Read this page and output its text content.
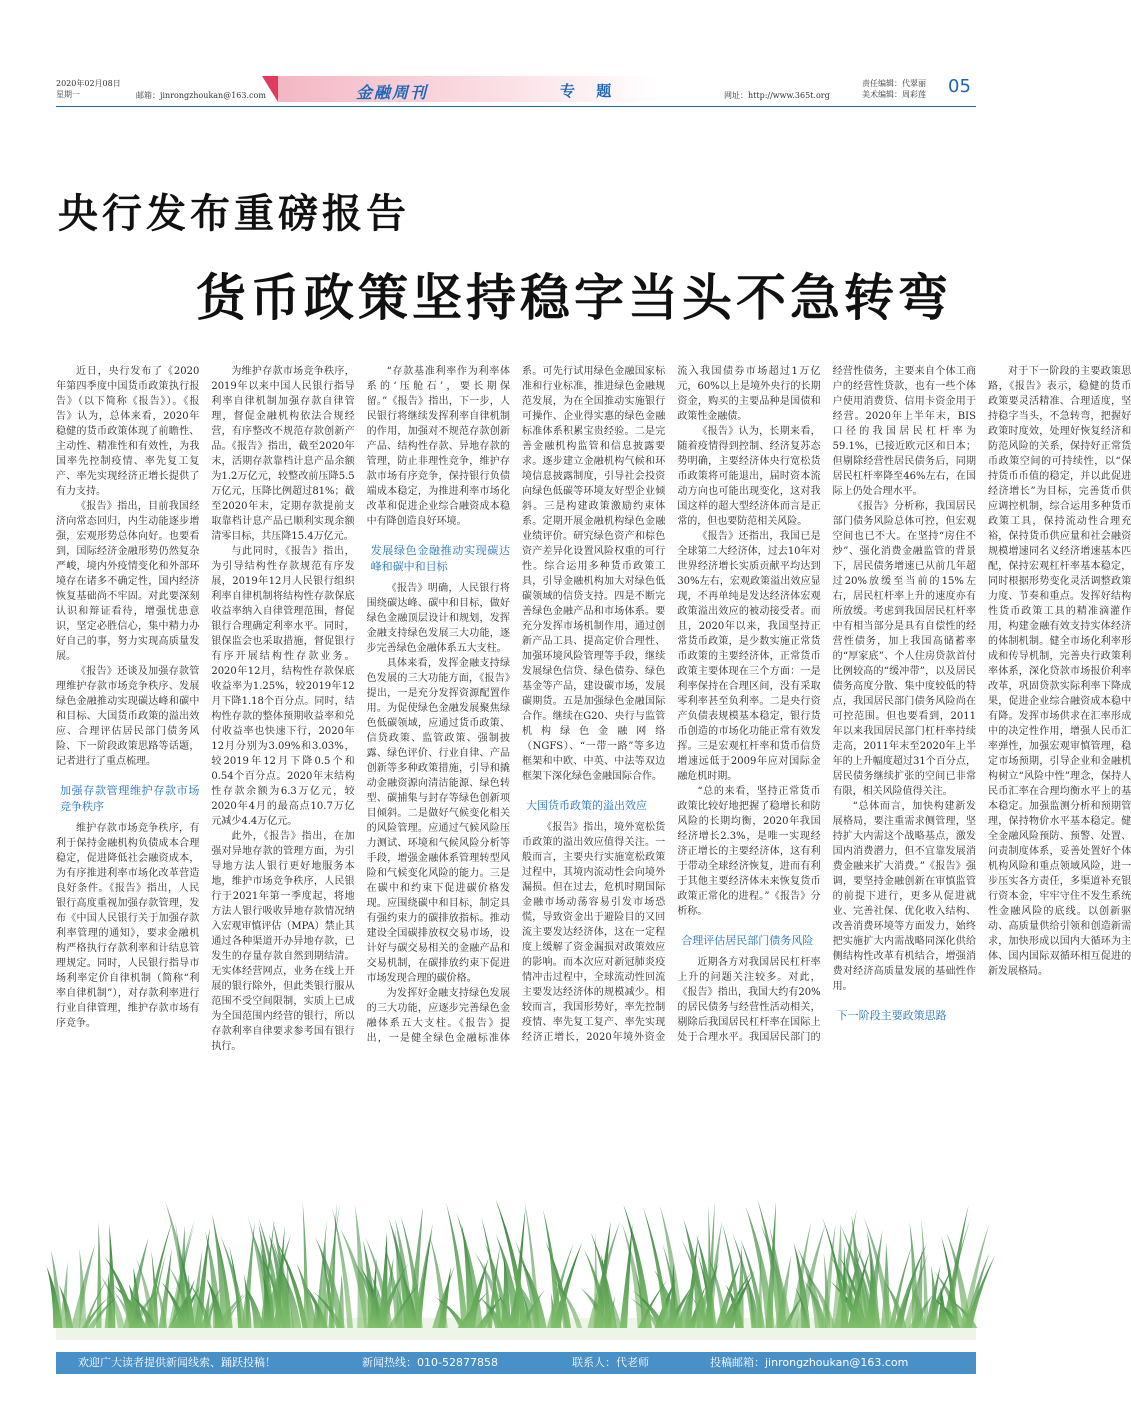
2020年02月08日
星期一	邮箱：jinrongzhoukan@163.com	金融周刊	专 题	网址：http://www.365t.org
责任编辑：代翠丽
美术编辑：周彩莲 05
央行发布重磅报告
货币政策坚持稳字当头不急转弯

近日，央行发布了《2020年第四季度中国货币政策执行报告》（以下简称《报告》）。《报告》认为，总体来看，2020年稳健的货币政策体现了前瞻性、主动性、精准性和有效性，为我国率先控制疫情、率先复工复产、率先实现经济正增长提供了有力支持。

《报告》指出，目前我国经济向常态回归，内生动能逐步增强，宏观形势总体向好。也要看到，国际经济金融形势仍然复杂严峻，境内外疫情变化和外部环境存在诸多不确定性，国内经济恢复基础尚不牢固。对此要深刻认识和辩证看待，增强忧患意识，坚定必胜信心，集中精力办好自己的事，努力实现高质量发展。

《报告》还谈及加强存款管理维护存款市场竞争秩序、发展绿色金融推动实现碳达峰和碳中和目标、大国货币政策的溢出效应、合理评估居民部门债务风险、下一阶段政策思路等话题，记者进行了重点梳理。

加强存款管理维护存款市场竞争秩序

维护存款市场竞争秩序，有利于保持金融机构负债成本合理稳定，促进降低社会融资成本，为有序推进利率市场化改革营造良好条件。《报告》指出，人民银行高度重视加强存款管理，发布《中国人民银行关于加强存款利率管理的通知》，要求金融机构严格执行存款利率和计结息管理规定。同时，人民银行指导市场利率定价自律机制（简称“利率自律机制”），对存款利率进行行业自律管理，维护存款市场有序竞争。

为维护存款市场竞争秩序，2019年以来中国人民银行指导利率自律机制加强存款自律管理，督促金融机构依法合规经营，有序整改不规范存款创新产品。《报告》指出，截至2020年末，活期存款靠档计息产品余额为1.2万亿元，较整改前压降5.5万亿元，压降比例超过81%；截至2020年末，定期存款提前支取靠档计息产品已顺利实现余额清零目标，共压降15.4万亿元。

与此同时，《报告》指出，为引导结构性存款规范有序发展，2019年12月人民银行组织利率自律机制将结构性存款保底收益率纳入自律管理范围，督促银行合理确定利率水平。同时，银保监会也采取措施，督促银行有序开展结构性存款业务。2020年12月，结构性存款保底收益率为1.25%，较2019年12月下降1.18个百分点。同时，结构性存款的整体预期收益率和兑付收益率也快速下行，2020年12月分别为3.09%和3.03%，较2019年12月下降0.5个和0.54个百分点。2020年末结构性存款余额为6.3万亿元，较2020年4月的最高点10.7万亿元减少4.4万亿元。

此外，《报告》指出，在加强对异地存款的管理方面，为引导地方法人银行更好地服务本地，维护市场竞争秩序，人民银行于2021年第一季度起，将地方法人银行吸收异地存款情况纳入宏观审慎评估（MPA）禁止其通过各种渠道开办异地存款，已发生的存量存款自然到期结清。无实体经营网点，业务在线上开展的银行除外，但此类银行服从范围不受空间限制，实质上已成为全国范围内经营的银行，所以存款利率自律要求参考国有银行执行。

“存款基准利率作为利率体系的‘压舱石’，要长期保留。”《报告》指出，下一步，人民银行将继续发挥利率自律机制的作用，加强对不规范存款创新产品、结构性存款、异地存款的管理，防止非理性竞争，维护存款市场有序竞争，保持银行负债端成本稳定，为推进利率市场化改革和促进企业综合融资成本稳中有降创造良好环境。

发展绿色金融推动实现碳达峰和碳中和目标

《报告》明确，人民银行将围绕碳达峰、碳中和目标，做好绿色金融顶层设计和规划，发挥金融支持绿色发展三大功能，逐步完善绿色金融体系五大支柱。

具体来看，发挥金融支持绿色发展的三大功能方面，《报告》提出，一是充分发挥资源配置作用。为促使绿色金融发展聚焦绿色低碳领域，应通过货币政策、信贷政策、监管政策、强制披露、绿色评价、行业自律、产品创新等多种政策措施，引导和撬动金融资源向清洁能源、绿色转型、碳捕集与封存等绿色创新项目倾斜。二是做好气候变化相关的风险管理。应通过气候风险压力测试、环境和气候风险分析等手段，增强金融体系管理转型风险和气候变化风险的能力。三是在碳中和约束下促进碳价格发现。应围绕碳中和目标，制定具有强约束力的碳排放指标。推动建设全国碳排放权交易市场，设计好与碳交易相关的金融产品和交易机制，在碳排放约束下促进市场发现合理的碳价格。

为发挥好金融支持绿色发展的三大功能，应逐步完善绿色金融体系五大支柱。《报告》提出，一是健全绿色金融标准体系。可先行试用绿色金融国家标准和行业标准，推进绿色金融规范发展，为在全国推动实施银行可操作、企业得实惠的绿色金融标准体系积累宝贵经验。二是完善金融机构监管和信息披露要求。逐步建立金融机构气候和环境信息披露制度，引导社会投资向绿色低碳等环境友好型企业倾斜。三是构建政策激励约束体系。定期开展金融机构绿色金融业绩评价。研究绿色资产和棕色资产差异化设置风险权重的可行性。综合运用多种货币政策工具，引导金融机构加大对绿色低碳领域的信贷支持。四是不断完善绿色金融产品和市场体系。要充分发挥市场机制作用，通过创新产品工具、提高定价合理性、加强环境风险管理等手段，继续发展绿色信贷、绿色债券、绿色基金等产品，建设碳市场，发展碳期货。五是加强绿色金融国际合作。继续在G20、央行与监管机构绿色金融网络（NGFS）、“一带一路”等多边框架和中欧、中英、中法等双边框架下深化绿色金融国际合作。

大国货币政策的溢出效应

《报告》指出，境外宽松货币政策的溢出效应值得关注。一般而言，主要央行实施宽松政策过程中，其境内流动性会向境外漏损。但在过去，危机时期国际金融市场动荡容易引发市场恐慌，导致资金出于避险目的又回流主要发达经济体，这在一定程度上缓解了资金漏损对政策效应的影响。而本次应对新冠肺炎疫情冲击过程中，全球流动性回流主要发达经济体的规模减少。相较而言，我国形势好，率先控制疫情、率先复工复产、率先实现经济正增长，2020年境外资金流入我国债券市场超过1万亿元，60%以上是境外央行的长期资金，购买的主要品种是国债和政策性金融债。

《报告》认为，长期来看，随着疫情得到控制、经济复苏态势明确，主要经济体央行宽松货币政策将可能退出，届时资本流动方向也可能出现变化，这对我国这样的超大型经济体而言是正常的，但也要防范相关风险。

《报告》还指出，我国已是全球第二大经济体，过去10年对世界经济增长实质贡献平均达到30%左右，宏观政策溢出效应显现，不再单纯是发达经济体宏观政策溢出效应的被动接受者。而且，2020年以来，我国坚持正常货币政策，是少数实施正常货币政策的主要经济体，正常货币政策主要体现在三个方面：一是利率保持在合理区间，没有采取零利率甚至负利率。二是央行资产负债表规模基本稳定，银行货币创造的市场化功能正常有效发挥。三是宏观杠杆率和货币信贷增速远低于2009年应对国际金融危机时期。

“总的来看，坚持正常货币政策比较好地把握了稳增长和防风险的长期均衡，2020年我国经济增长2.3%，是唯一实现经济正增长的主要经济体，这有利于带动全球经济恢复，进而有利于其他主要经济体未来恢复货币政策正常化的进程。”《报告》分析称。

合理评估居民部门债务风险

近期各方对我国居民杠杆率上升的问题关注较多。对此，《报告》指出，我国大约有20%的居民债务与经营性活动相关，剔除后我国居民杠杆率在国际上处于合理水平。我国居民部门的经营性债务，主要来自个体工商户的经营性贷款，也有一些个体户使用消费贷、信用卡资金用于经营。2020年上半年末，BIS口径的我国居民杠杆率为59.1%，已接近欧元区和日本；但剔除经营性居民债务后，同期居民杠杆率降至46%左右，在国际上仍处合理水平。

《报告》分析称，我国居民部门债务风险总体可控，但宏观空间也已不大。在坚持“房住不炒”、强化消费金融监管的背景下，居民债务增速已从前几年超过20%放缓至当前的15%左右，居民杠杆率上升的速度亦有所放缓。考虑到我国居民杠杆率中有相当部分是具有自偿性的经营性债务，加上我国高储蓄率的“厚家底”、个人住房贷款首付比例较高的“缓冲带”，以及居民债务高度分散、集中度较低的特点，我国居民部门债务风险尚在可控范围。但也要看到，2011年以来我国居民部门杠杆率持续走高，2011年末至2020年上半年的上升幅度超过31个百分点，居民债务继续扩张的空间已非常有限，相关风险值得关注。

“总体而言，加快构建新发展格局，要注重需求侧管理，坚持扩大内需这个战略基点，激发国内消费潜力，但不宜靠发展消费金融来扩大消费。”《报告》强调，要坚持金融创新在审慎监管的前提下进行，更多从促进就业、完善社保、优化收入结构、改善消费环境等方面发力，始终把实施扩大内需战略同深化供给侧结构性改革有机结合，增强消费对经济高质量发展的基础性作用。

下一阶段主要政策思路

对于下一阶段的主要政策思路，《报告》表示，稳健的货币政策要灵活精准、合理适度，坚持稳字当头，不急转弯，把握好政策时度效，处理好恢复经济和防范风险的关系，保持好正常货币政策空间的可持续性，以“保持货币币值的稳定，并以此促进经济增长”为目标，完善货币供应调控机制，综合运用多种货币政策工具，保持流动性合理充裕，保持货币供应量和社会融资规模增速同名义经济增速基本匹配，保持宏观杠杆率基本稳定，同时根据形势变化灵活调整政策力度、节奏和重点。发挥好结构性货币政策工具的精准滴灌作用，构建金融有效支持实体经济的体制机制。健全市场化利率形成和传导机制，完善央行政策利率体系，深化贷款市场报价利率改革，巩固贷款实际利率下降成果，促进企业综合融资成本稳中有降。发挥市场供求在汇率形成中的决定性作用，增强人民币汇率弹性，加强宏观审慎管理，稳定市场预期，引导企业和金融机构树立“风险中性”理念，保持人民币汇率在合理均衡水平上的基本稳定。加强监测分析和预期管理，保持物价水平基本稳定。健全金融风险预防、预警、处置、问责制度体系，妥善处置好个体机构风险和重点领域风险，进一步压实各方责任，多渠道补充银行资本金，牢牢守住不发生系统性金融风险的底线。以创新驱动、高质量供给引领和创造新需求，加快形成以国内大循环为主体、国内国际双循环相互促进的新发展格局。

欢迎广大读者提供新闻线索、踊跃投稿！	新闻热线：010-52877858	联系人：代老师	投稿邮箱：jinrongzhoukan@163.com
